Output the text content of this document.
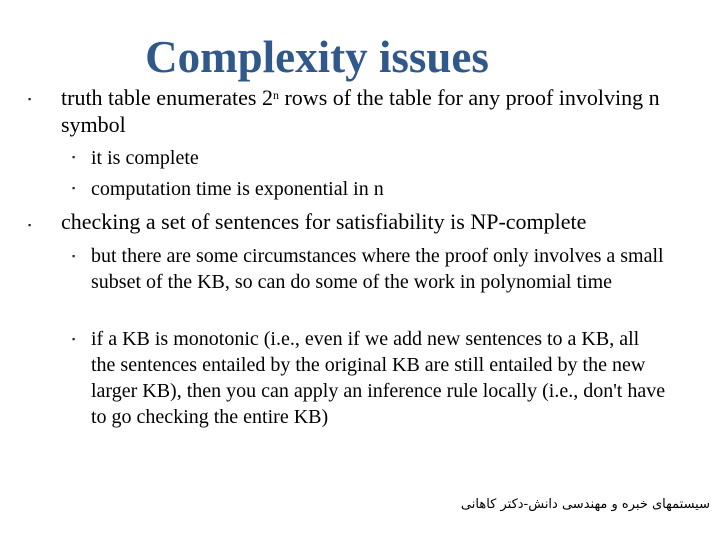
Complexity issues
▪ truth table enumerates 2$^n$ rows of the table for any proof involving n symbol
▪ it is complete
▪ computation time is exponential in n
▪ checking a set of sentences for satisfiability is NP-complete
▪ but there are some circumstances where the proof only involves a small subset of the KB, so can do some of the work in polynomial time
▪ if a KB is monotonic (i.e., even if we add new sentences to a KB, all the sentences entailed by the original KB are still entailed by the new larger KB), then you can apply an inference rule locally (i.e., don't have to go checking the entire KB)
سیستمهای خبره و مهندسی دانش-دکتر کاهانی
